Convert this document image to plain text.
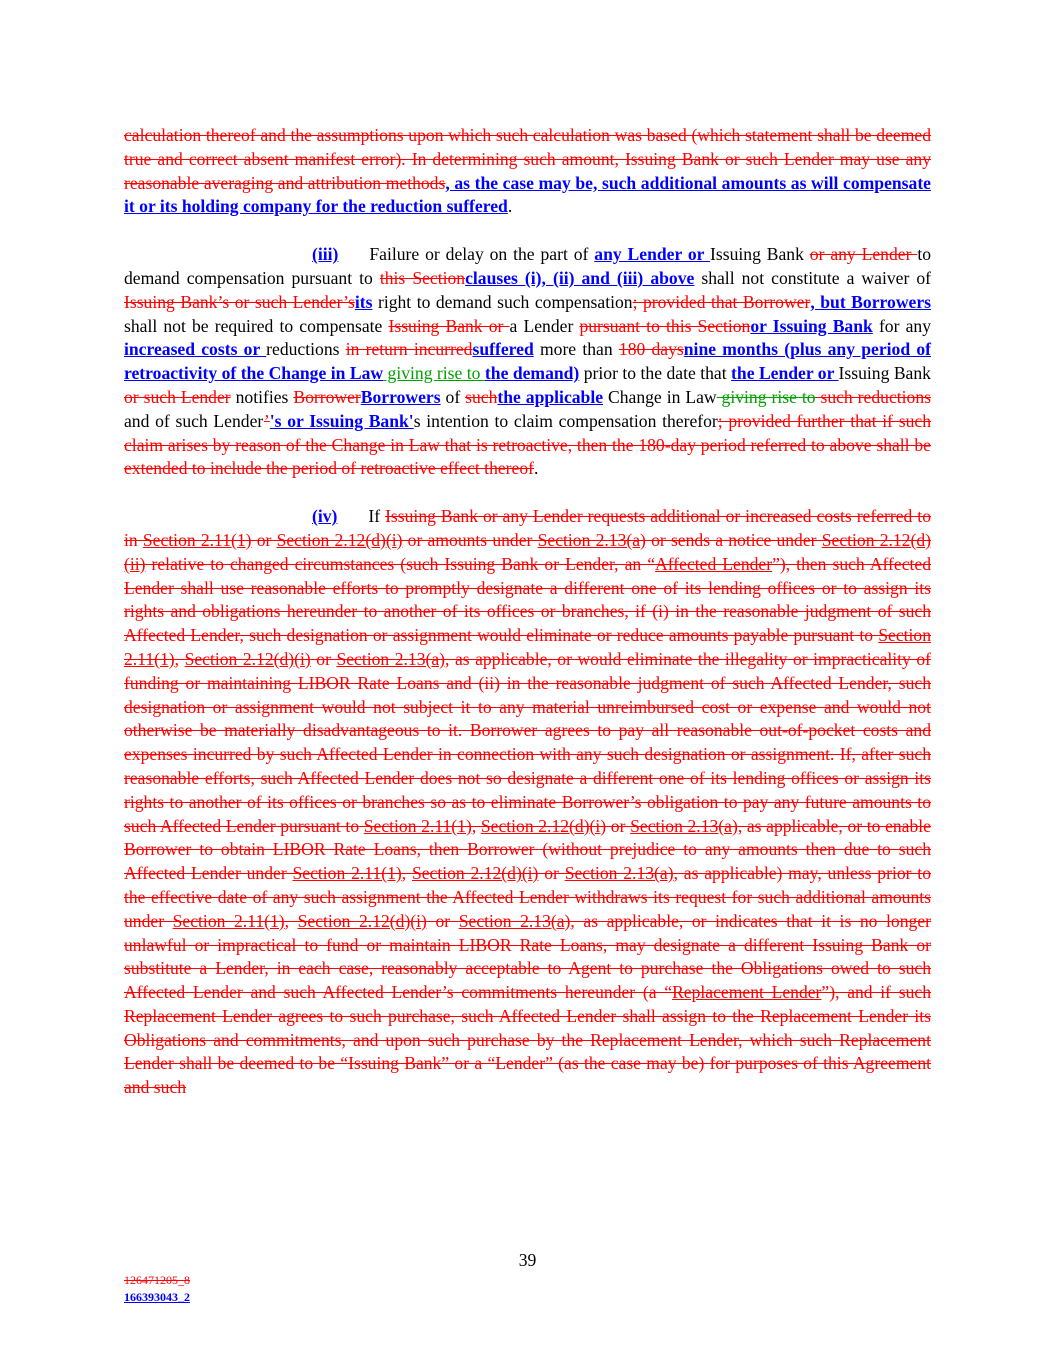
calculation thereof and the assumptions upon which such calculation was based (which statement shall be deemed true and correct absent manifest error). In determining such amount, Issuing Bank or such Lender may use any reasonable averaging and attribution methods, as the case may be, such additional amounts as will compensate it or its holding company for the reduction suffered.

(iii) Failure or delay on the part of any Lender or Issuing Bank or any Lender to demand compensation pursuant to this Sectionclauses (i), (ii) and (iii) above shall not constitute a waiver of Issuing Bank’s or such Lender’sits right to demand such compensation; provided that Borrower, but Borrowers shall not be required to compensate Issuing Bank or a Lender pursuant to this Sectionor Issuing Bank for any increased costs or reductions in return incurredsuffered more than 180 daysnine months (plus any period of retroactivity of the Change in Law giving rise to the demand) prior to the date that the Lender or Issuing Bank or such Lender notifies BorrowerBorrowers of suchthe applicable Change in Law giving rise to such reductions and of such Lender’'s or Issuing Bank's intention to claim compensation therefor; provided further that if such claim arises by reason of the Change in Law that is retroactive, then the 180-day period referred to above shall be extended to include the period of retroactive effect thereof.

(iv) If Issuing Bank or any Lender requests additional or increased costs referred to in Section 2.11(1) or Section 2.12(d)(i) or amounts under Section 2.13(a) or sends a notice under Section 2.12(d)(ii) relative to changed circumstances (such Issuing Bank or Lender, an “Affected Lender”), then such Affected Lender shall use reasonable efforts to promptly designate a different one of its lending offices or to assign its rights and obligations hereunder to another of its offices or branches, if (i) in the reasonable judgment of such Affected Lender, such designation or assignment would eliminate or reduce amounts payable pursuant to Section 2.11(1), Section 2.12(d)(i) or Section 2.13(a), as applicable, or would eliminate the illegality or impracticality of funding or maintaining LIBOR Rate Loans and (ii) in the reasonable judgment of such Affected Lender, such designation or assignment would not subject it to any material unreimbursed cost or expense and would not otherwise be materially disadvantageous to it. Borrower agrees to pay all reasonable out-of-pocket costs and expenses incurred by such Affected Lender in connection with any such designation or assignment. If, after such reasonable efforts, such Affected Lender does not so designate a different one of its lending offices or assign its rights to another of its offices or branches so as to eliminate Borrower’s obligation to pay any future amounts to such Affected Lender pursuant to Section 2.11(1), Section 2.12(d)(i) or Section 2.13(a), as applicable, or to enable Borrower to obtain LIBOR Rate Loans, then Borrower (without prejudice to any amounts then due to such Affected Lender under Section 2.11(1), Section 2.12(d)(i) or Section 2.13(a), as applicable) may, unless prior to the effective date of any such assignment the Affected Lender withdraws its request for such additional amounts under Section 2.11(1), Section 2.12(d)(i) or Section 2.13(a), as applicable, or indicates that it is no longer unlawful or impractical to fund or maintain LIBOR Rate Loans, may designate a different Issuing Bank or substitute a Lender, in each case, reasonably acceptable to Agent to purchase the Obligations owed to such Affected Lender and such Affected Lender’s commitments hereunder (a “Replacement Lender”), and if such Replacement Lender agrees to such purchase, such Affected Lender shall assign to the Replacement Lender its Obligations and commitments, and upon such purchase by the Replacement Lender, which such Replacement Lender shall be deemed to be “Issuing Bank” or a “Lender” (as the case may be) for purposes of this Agreement and such

39
126471205_8
166393043_2
